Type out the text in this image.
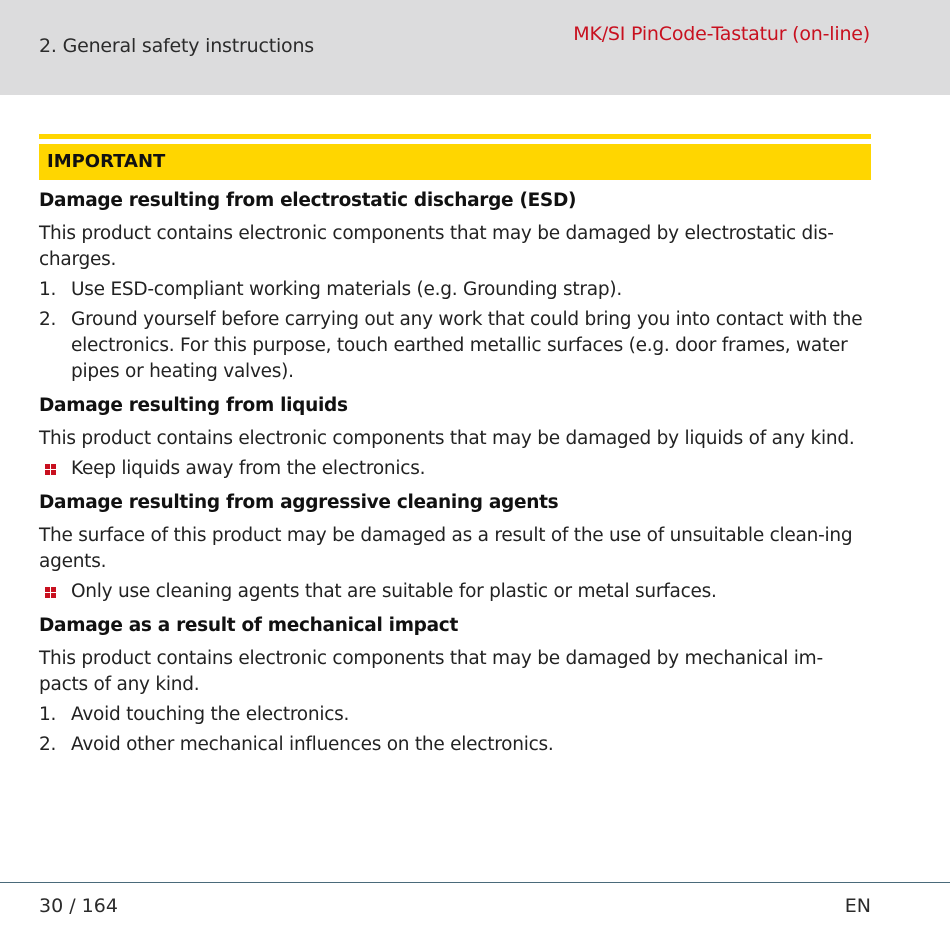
2. General safety instructions
MK/SI PinCode-Tastatur (on-line)
IMPORTANT
Damage resulting from electrostatic discharge (ESD)

This product contains electronic components that may be damaged by electrostatic dis-charges.

1. Use ESD-compliant working materials (e.g. Grounding strap).
2. Ground yourself before carrying out any work that could bring you into contact with the electronics. For this purpose, touch earthed metallic surfaces (e.g. door frames, water pipes or heating valves).
Damage resulting from liquids

This product contains electronic components that may be damaged by liquids of any kind.

Keep liquids away from the electronics.
Damage resulting from aggressive cleaning agents

The surface of this product may be damaged as a result of the use of unsuitable clean-ing agents.

Only use cleaning agents that are suitable for plastic or metal surfaces.
Damage as a result of mechanical impact

This product contains electronic components that may be damaged by mechanical im-pacts of any kind.

1. Avoid touching the electronics.
2. Avoid other mechanical influences on the electronics.
30 / 164	EN
